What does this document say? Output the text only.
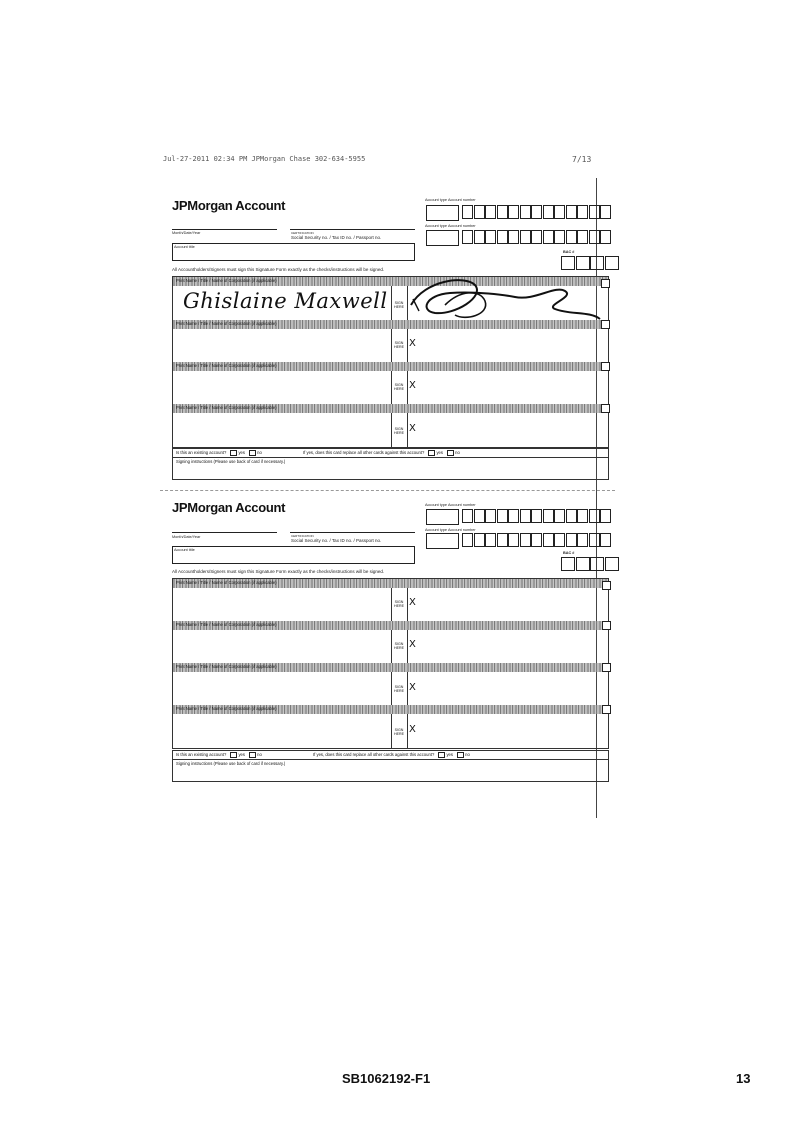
Jul-27-2011 02:34 PM JPMorgan Chase 302-634-5955	7/13
JPMorgan Account	Account type Account number
Account type Account number
Month/Date/Year	CERTIFICATION
Social Security no. / Tax ID no. / Passport no.
Account title
BAC #
All Accountholders/Signers must sign this Signature Form exactly as the checks/instructions will be signed.
Print Name / Title / Name of Corporation (if applicable)
Ghislaine Maxwell	SIGN HERE
Print Name / Title / Name of Corporation (if applicable)
SIGN HERE X
Print Name / Title / Name of Corporation (if applicable)
SIGN HERE X
Print Name / Title / Name of Corporation (if applicable)
SIGN HERE X
Is this an existing account?	yes	no	If yes, does this card replace all other cards against this account?	yes	no
Signing instructions (Please use back of card if necessary.)
JPMorgan Account	Account type Account number
Account type Account number
Month/Date/Year	CERTIFICATION
Social Security no. / Tax ID no. / Passport no.
Account title
BAC #
All Accountholders/Signers must sign this Signature Form exactly as the checks/instructions will be signed.
Print Name / Title / Name of Corporation (if applicable)
SIGN HERE X
Print Name / Title / Name of Corporation (if applicable)
SIGN HERE X
Print Name / Title / Name of Corporation (if applicable)
SIGN HERE X
Print Name / Title / Name of Corporation (if applicable)
SIGN HERE X
Is this an existing account?	yes	no	If yes, does this card replace all other cards against this account?	yes	no
Signing instructions (Please use back of card if necessary.)
SB1062192-F1	13
